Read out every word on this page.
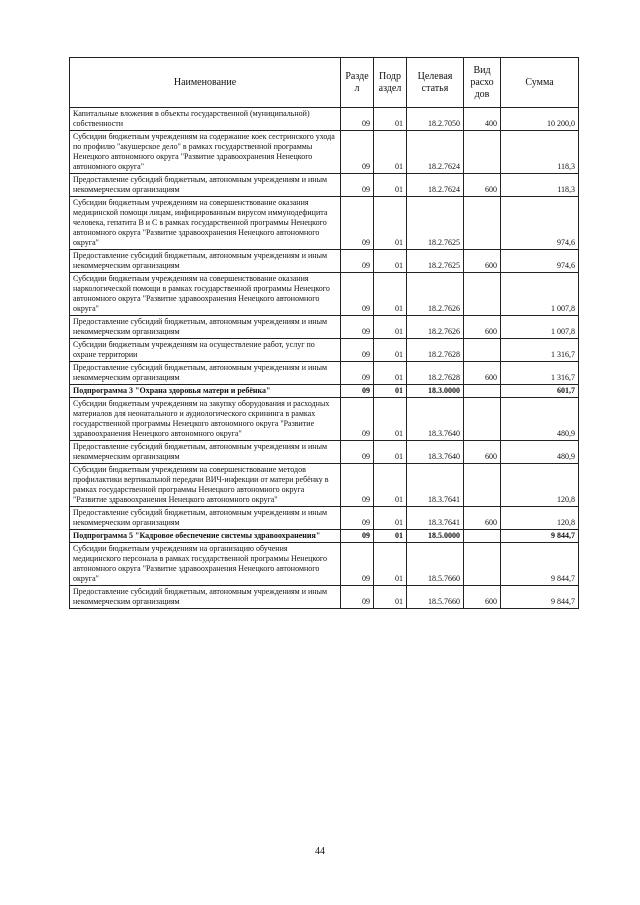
Наименование	Разде л	Подр аздел	Целевая статья	Вид расхо дов	Сумма
Капитальные вложения в объекты государственной (муниципальной) собственности	09	01	18.2.7050	400	10 200,0
Субсидии бюджетным учреждениям на содержание коек сестринского ухода по профилю "акушерское дело" в рамках государственной программы Ненецкого автономного округа "Развитие здравоохранения Ненецкого автономного округа"	09	01	18.2.7624		118,3
Предоставление субсидий бюджетным, автономным учреждениям и иным некоммерческим организациям	09	01	18.2.7624	600	118,3
Субсидии бюджетным учреждениям на совершенствование оказания медицинской помощи лицам, инфицированным вирусом иммунодефицита человека, гепатита В и С в рамках государственной программы Ненецкого автономного округа "Развитие здравоохранения Ненецкого автономного округа"	09	01	18.2.7625		974,6
Предоставление субсидий бюджетным, автономным учреждениям и иным некоммерческим организациям	09	01	18.2.7625	600	974,6
Субсидии бюджетным учреждениям на совершенствование оказания наркологической помощи в рамках государственной программы Ненецкого автономного округа "Развитие здравоохранения Ненецкого автономного округа"	09	01	18.2.7626		1 007,8
Предоставление субсидий бюджетным, автономным учреждениям и иным некоммерческим организациям	09	01	18.2.7626	600	1 007,8
Субсидии бюджетным учреждениям на осуществление работ, услуг по охране территории	09	01	18.2.7628		1 316,7
Предоставление субсидий бюджетным, автономным учреждениям и иным некоммерческим организациям	09	01	18.2.7628	600	1 316,7
Подпрограмма 3 "Охрана здоровья матери и ребёнка"	09	01	18.3.0000		601,7
Субсидии бюджетным учреждениям на закупку оборудования и расходных материалов для неонатального и аудиологического скрининга в рамках государственной программы Ненецкого автономного округа "Развитие здравоохранения Ненецкого автономного округа"	09	01	18.3.7640		480,9
Предоставление субсидий бюджетным, автономным учреждениям и иным некоммерческим организациям	09	01	18.3.7640	600	480,9
Субсидии бюджетным учреждениям на совершенствование методов профилактики вертикальной передачи ВИЧ-инфекции от матери ребёнку в рамках государственной программы Ненецкого автономного округа "Развитие здравоохранения Ненецкого автономного округа"	09	01	18.3.7641		120,8
Предоставление субсидий бюджетным, автономным учреждениям и иным некоммерческим организациям	09	01	18.3.7641	600	120,8
Подпрограмма 5 "Кадровое обеспечение системы здравоохранения"	09	01	18.5.0000		9 844,7
Субсидии бюджетным учреждениям на организацию обучения медицинского персонала в рамках государственной программы Ненецкого автономного округа "Развитие здравоохранения Ненецкого автономного округа"	09	01	18.5.7660		9 844,7
Предоставление субсидий бюджетным, автономным учреждениям и иным некоммерческим организациям	09	01	18.5.7660	600	9 844,7
44
